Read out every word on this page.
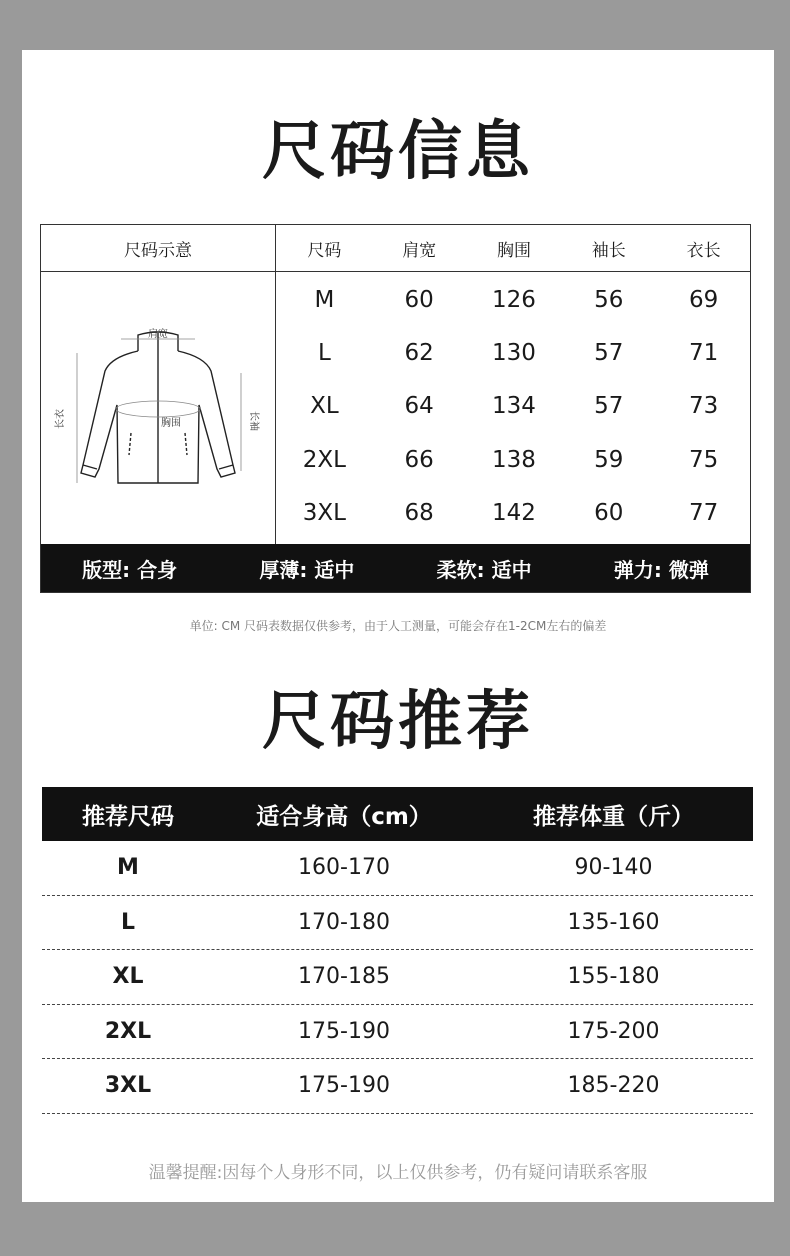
尺码信息
尺码示意	尺码	肩宽	胸围	袖长	衣长
肩宽
胸围
长衣	长袖
M	60	126	56	69
L	62	130	57	71
XL	64	134	57	73
2XL	66	138	59	75
3XL	68	142	60	77
版型: 合身	厚薄: 适中	柔软: 适中	弹力: 微弹
单位: CM 尺码表数据仅供参考，由于人工测量，可能会存在1-2CM左右的偏差
尺码推荐
推荐尺码	适合身高（cm）	推荐体重（斤）
M	160-170	90-140
L	170-180	135-160
XL	170-185	155-180
2XL	175-190	175-200
3XL	175-190	185-220
温馨提醒:因每个人身形不同，以上仅供参考，仍有疑问请联系客服
